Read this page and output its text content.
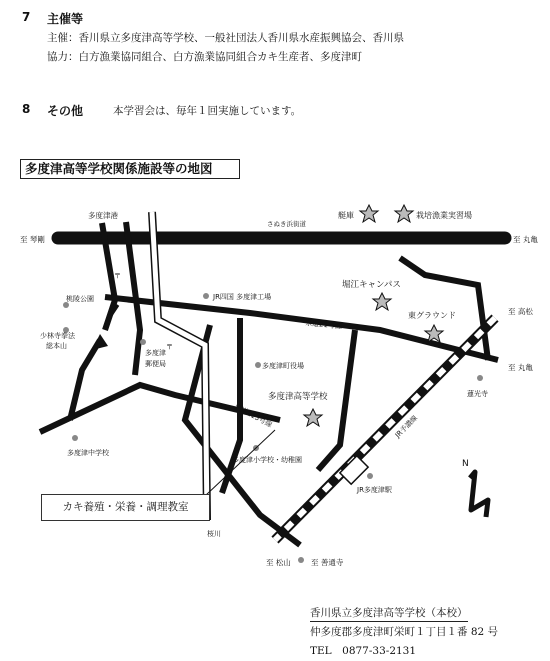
7 主催等
主催：香川県立多度津高等学校、一般社団法人香川県水産振興協会、香川県
協力：白方漁業協同組合、白方漁業協同組合カキ生産者、多度津町
8 その他	本学習会は、毎年１回実施しています。
多度津高等学校関係施設等の地図
至 琴剛	至 丸亀
多度津港
さぬき浜街道
艇庫	栽培漁業実習場
桃陵公園	JR四国 多度津工場
堀江キャンパス
東グラウンド	至 高松
県道21号線
少林寺拳法
総本山
多度津
郵便局	多度津町役場	至 丸亀
多度津高等学校	蓮光寺
県道213号線	JR予讃線
多度津中学校
多度津小学校・幼稚園
JR多度津駅
桜川
至 松山	至 善通寺
N
〒
〒
カキ養殖・栄養・調理教室
香川県立多度津高等学校（本校）
仲多度郡多度津町栄町１丁目１番 82 号
TEL　0877-33-2131
